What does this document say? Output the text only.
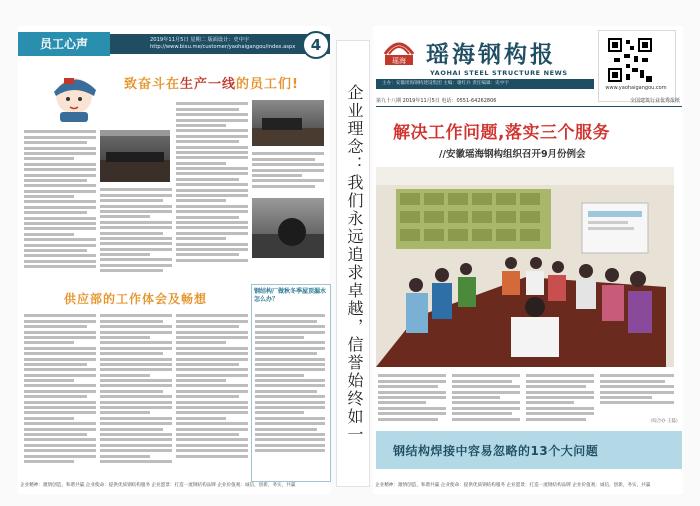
员工心声	2019年11月5日 星期二 版面设计：史中宇
http://www.bixu.me/customer/yaohaigangou/index.aspx	4
致奋斗在生产一线的员工们!
供应部的工作体会及畅想
钢结构厂做秋冬季屋顶漏水怎么办？
企业精神：激情创造，和谐共赢 企业使命：提供优质钢结构服务 企业愿景：打造一流钢结构品牌 企业价值观：诚信，创新，务实，共赢
企业理念：我们永远追求卓越，信誉始终如一
瑶海 瑶海钢构报
YAOHAI STEEL STRUCTURE NEWS
主办：安徽瑶海钢构建设集团 主编：谢红兵 责任编辑：史中宇
www.yaohaigangou.com
第九十八期 2019年11月5日 电话：0551-64262806	全国建筑行业优秀报纸
解决工作问题,落实三个服务
//安徽瑶海钢构组织召开9月份例会
（综合办 王磊）
钢结构焊接中容易忽略的13个大问题
企业精神：激情创造，和谐共赢 企业使命：提供优质钢结构服务 企业愿景：打造一流钢结构品牌 企业价值观：诚信，创新，务实，共赢
